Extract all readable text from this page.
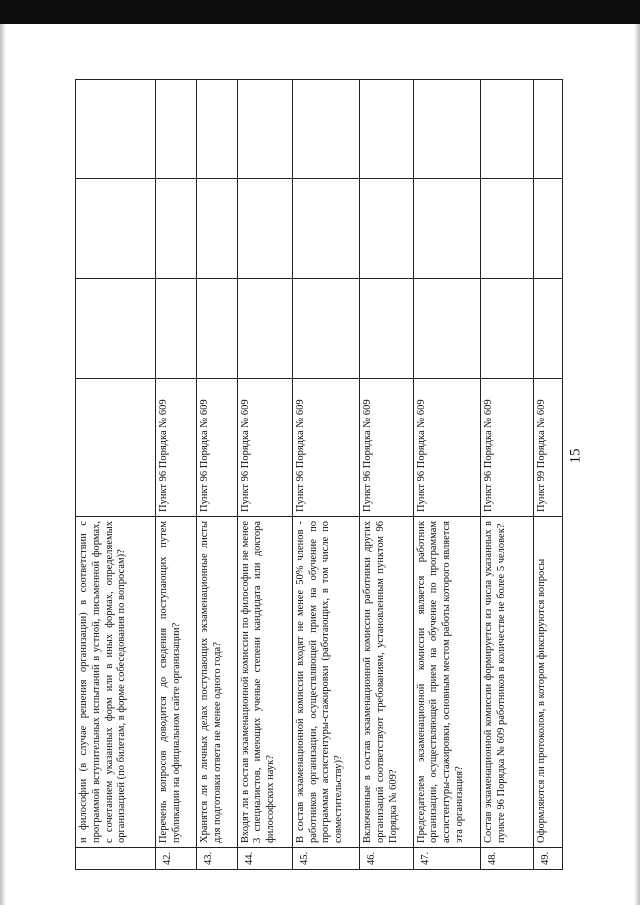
15
	и философии (в случае решения организации) в соответствии с программой вступительных испытаний в устной, письменной формах, с сочетанием указанных форм или в иных формах, определяемых организацией (по билетам, в форме собеседования по вопросам)?				
42.	Перечень вопросов доводится до сведения поступающих путем публикации на официальном сайте организации?	Пункт 96 Порядка № 609			
43.	Хранятся ли в личных делах поступающих экзаменационные листы для подготовки ответа не менее одного года?	Пункт 96 Порядка № 609			
44.	Входят ли в состав экзаменационной комиссии по философии не менее 3 специалистов, имеющих ученые степени кандидата или доктора философских наук?	Пункт 96 Порядка № 609			
45.	В состав экзаменационной комиссии входят не менее 50% членов - работников организации, осуществляющей прием на обучение по программам ассистентуры-стажировки (работающих, в том числе по совместительству)?	Пункт 96 Порядка № 609			
46.	Включенные в состав экзаменационной комиссии работники других организаций соответствуют требованиям, установленным пунктом 96 Порядка № 609?	Пункт 96 Порядка № 609			
47.	Председателем экзаменационной комиссии является работник организации, осуществляющей прием на обучение по программам ассистентуры-стажировки, основным местом работы которого является эта организация?	Пункт 96 Порядка № 609			
48.	Состав экзаменационной комиссии формируется из числа указанных в пункте 96 Порядка № 609 работников в количестве не более 5 человек?	Пункт 96 Порядка № 609			
49.	Оформляются ли протоколом, в котором фиксируются вопросы	Пункт 99 Порядка № 609			
